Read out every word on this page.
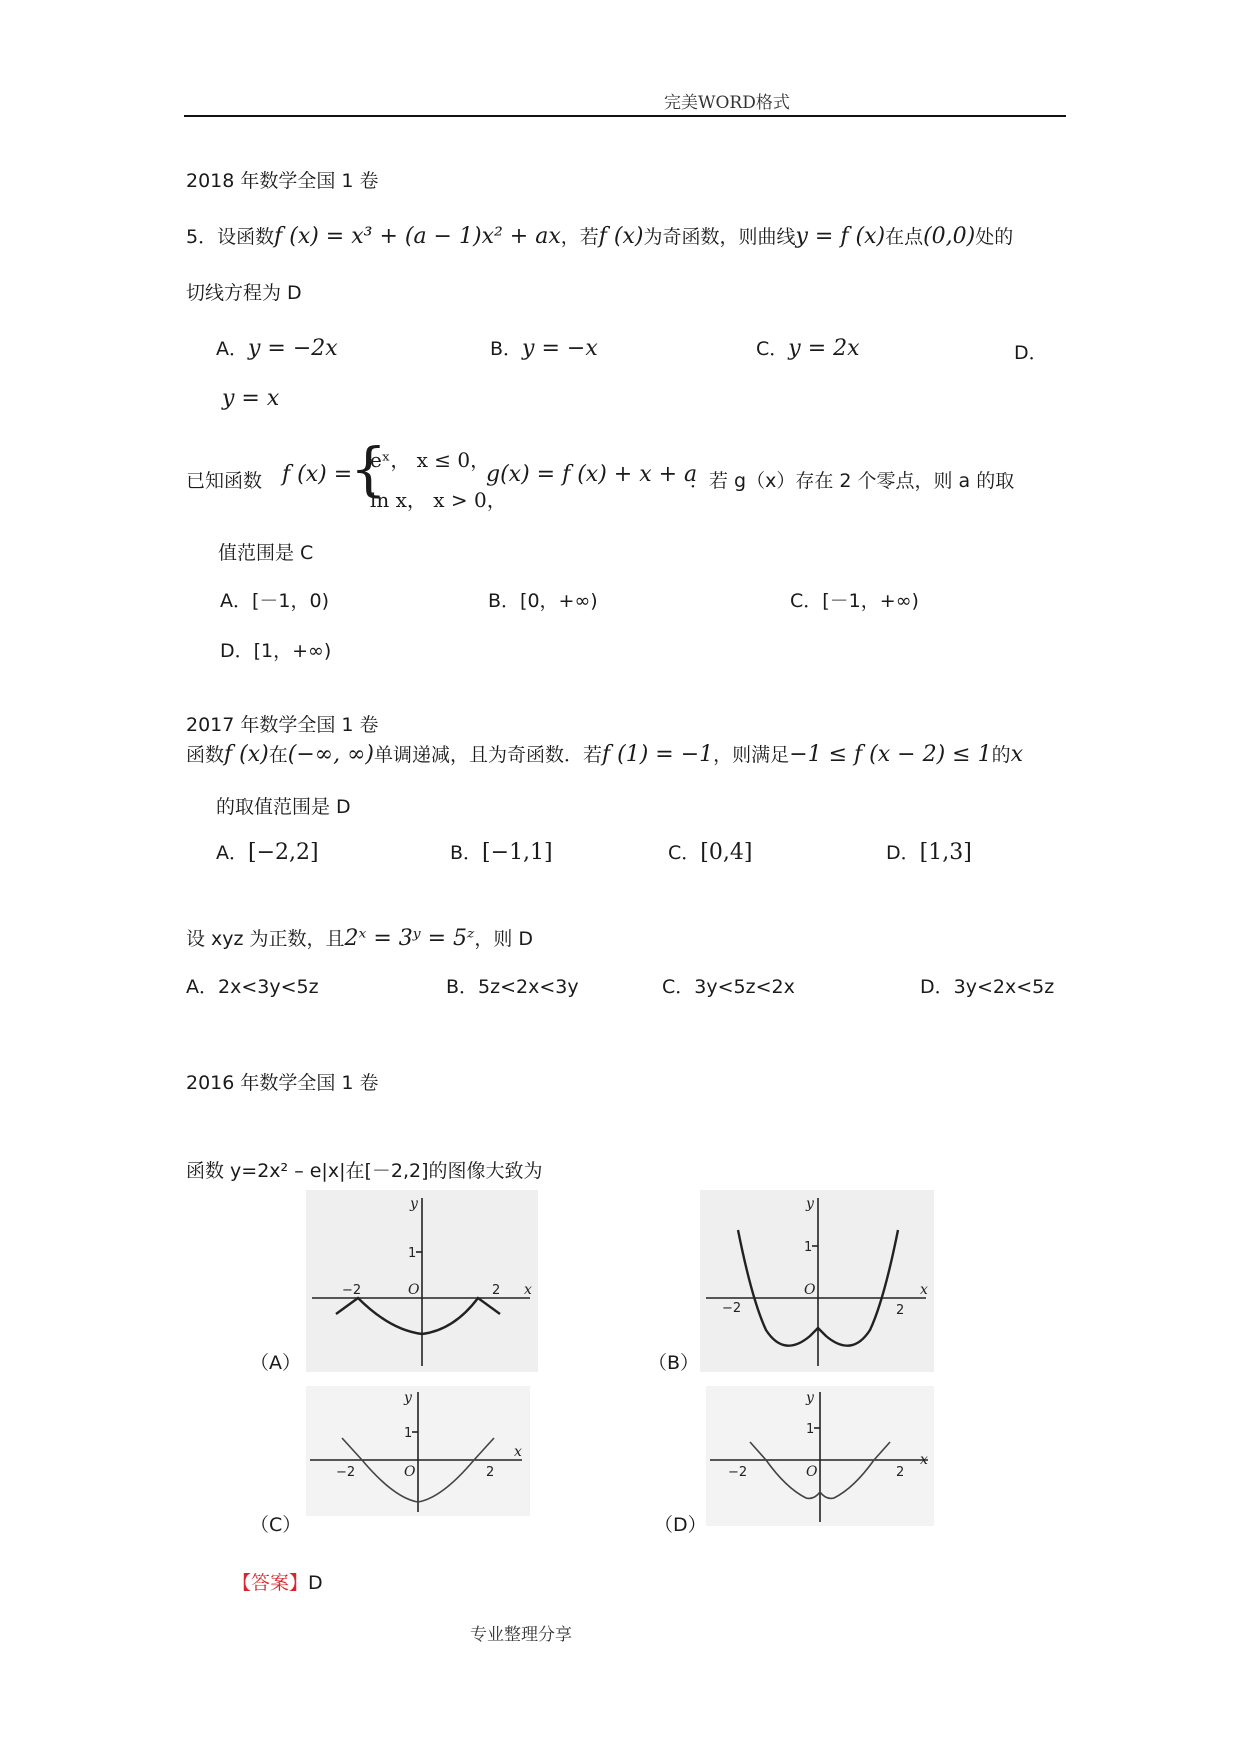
完美WORD格式
2018 年数学全国 1 卷
5．设函数f (x) = x³ + (a − 1)x² + ax，若f (x)为奇函数，则曲线y = f (x)在点(0,0)处的
切线方程为 D
A．y = −2x	B．y = −x	C．y = 2x	D．
y = x
已知函数 f (x) =
{
eˣ， x ≤ 0，
ln x， x > 0，
g(x) = f (x) + x + a
．若 g（x）存在 2 个零点，则 a 的取
值范围是 C
A．[－1，0)	B．[0，+∞)	C．[－1，+∞)
D．[1，+∞)
2017 年数学全国 1 卷
函数f (x)在(−∞, ∞)单调递减，且为奇函数．若f (1) = −1，则满足−1 ≤ f (x − 2) ≤ 1的x
的取值范围是 D
A．[−2,2]	B．[−1,1]	C．[0,4]	D．[1,3]
设 xyz 为正数，且2ˣ = 3ʸ = 5ᶻ，则 D
A．2x<3y<5z	B．5z<2x<3y	C．3y<5z<2x	D．3y<2x<5z
2016 年数学全国 1 卷
函数 y=2x² – e|x|在[－2,2]的图像大致为
y
x
O
1
−2	2
（A）
y
x
O
1
−2	2
（B）
y
x
O
1
−2	2
（C）
y
x
O
1
−2	2
（D）
【答案】D
专业整理分享
